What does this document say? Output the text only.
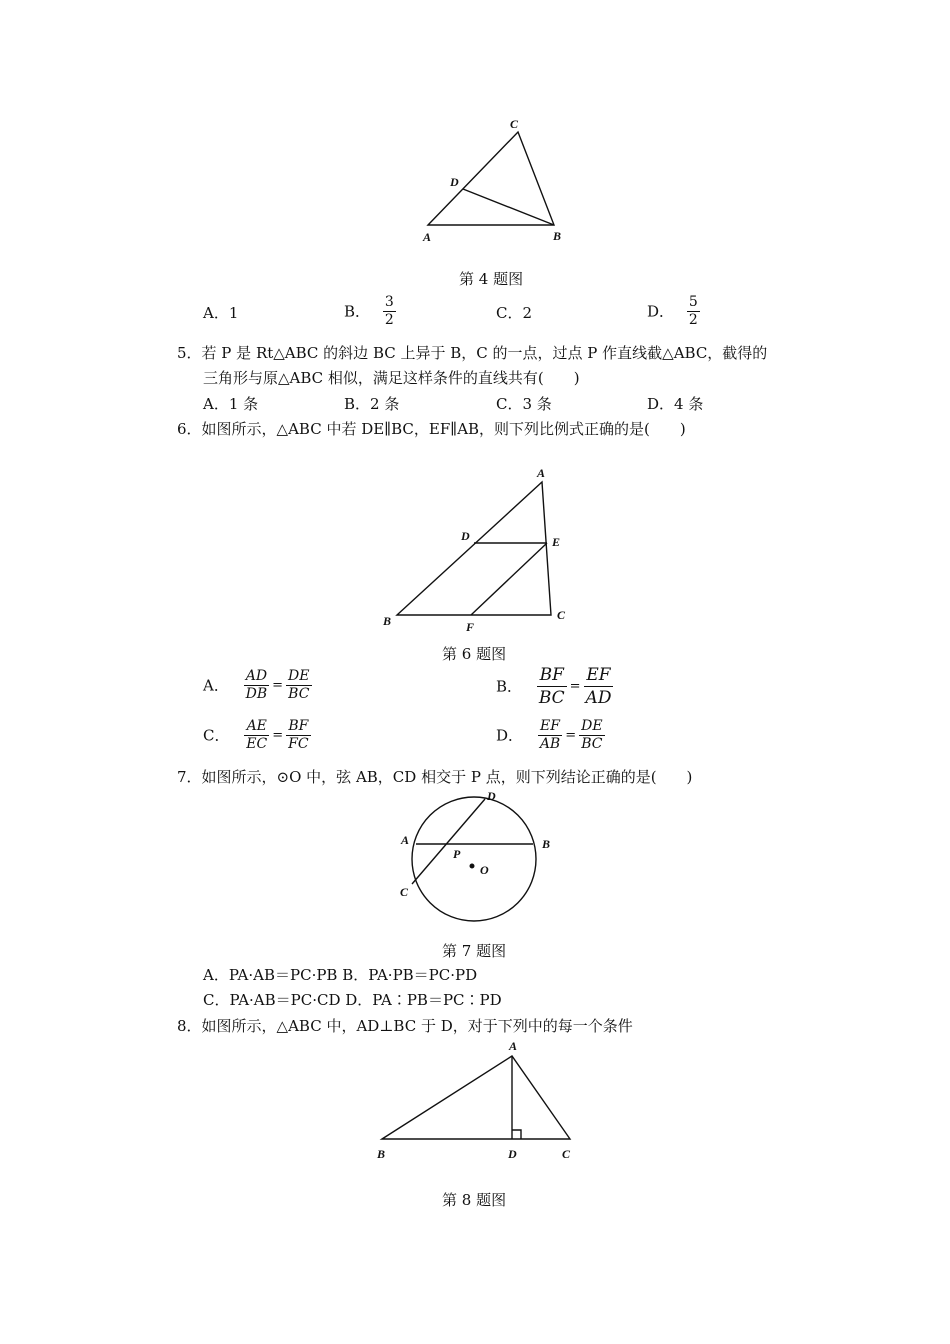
C
D
A	B
第 4 题图
A．1	B． $\frac{3}{2}$	C．2	D． $\frac{5}{2}$
5．若 P 是 Rt△ABC 的斜边 BC 上异于 B，C 的一点，过点 P 作直线截△ABC，截得的
三角形与原△ABC 相似，满足这样条件的直线共有(　　)
A．1 条	B．2 条	C．3 条	D．4 条
6．如图所示，△ABC 中若 DE∥BC，EF∥AB，则下列比例式正确的是(　　)
A
D	E
B	F
C
第 6 题图
A． $\frac{AD}{DB} = \frac{DE}{BC}$	B． $\frac{BF}{BC} = \frac{EF}{AD}$
C． $\frac{AE}{EC} = \frac{BF}{FC}$	D． $\frac{EF}{AB} = \frac{DE}{BC}$
7．如图所示，⊙O 中，弦 AB，CD 相交于 P 点，则下列结论正确的是(　　)
D
A	B
P
O
C
第 7 题图
A．PA·AB＝PC·PB B．PA·PB＝PC·PD
C．PA·AB＝PC·CD D．PA∶PB＝PC∶PD
8．如图所示，△ABC 中，AD⊥BC 于 D，对于下列中的每一个条件
A
B	D	C
第 8 题图
